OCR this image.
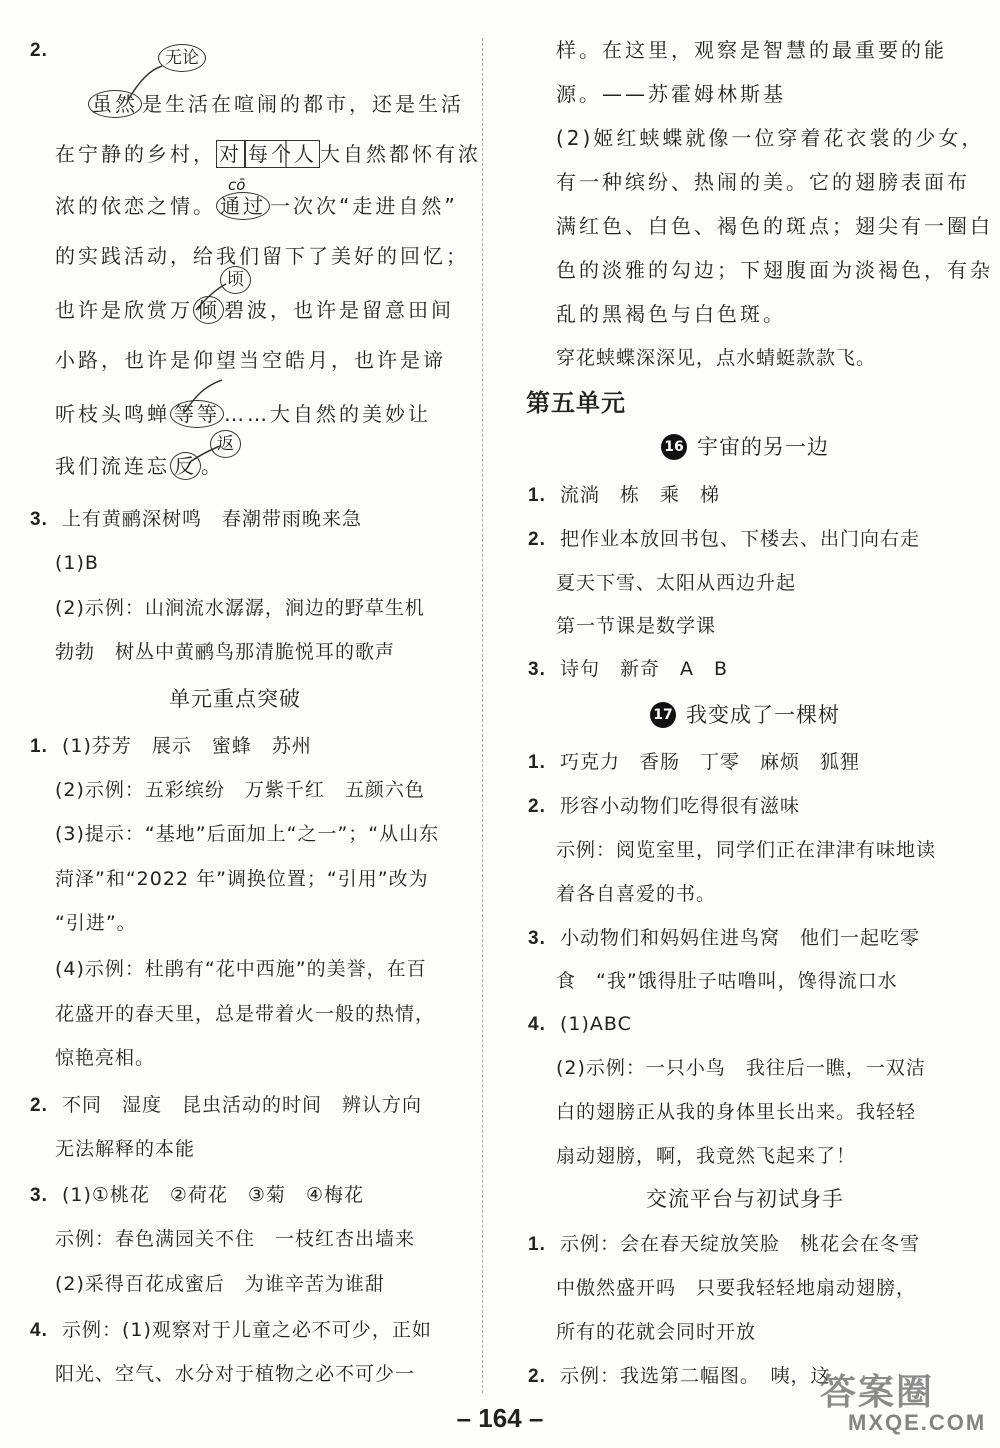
2.	无论
虽然 是生活在喧闹的都市，还是生活
在宁静的乡村， 对 每个人 大自然都怀有浓
浓的依恋之情。 通过 一次次“走进自然”
cō
的实践活动，给我们留下了美好的回忆；
顷
也许是欣赏万 倾 碧波，也许是留意田间
小路，也许是仰望当空皓月，也许是谛
听枝头鸣蝉 等等 ……大自然的美妙让
返
我们流连忘 反 。
3. 上有黄鹂深树鸣　春潮带雨晚来急
(1)B
(2)示例：山涧流水潺潺，涧边的野草生机
勃勃　树丛中黄鹂鸟那清脆悦耳的歌声
单元重点突破
1. (1)芬芳　展示　蜜蜂　苏州
(2)示例：五彩缤纷　万紫千红　五颜六色
(3)提示：“基地”后面加上“之一”；“从山东
菏泽”和“2022 年”调换位置；“引用”改为
“引进”。
(4)示例：杜鹃有“花中西施”的美誉，在百
花盛开的春天里，总是带着火一般的热情，
惊艳亮相。
2. 不同　湿度　昆虫活动的时间　辨认方向
无法解释的本能
3. (1)①桃花　②荷花　③菊　④梅花
示例：春色满园关不住　一枝红杏出墙来
(2)采得百花成蜜后　为谁辛苦为谁甜
4. 示例：(1)观察对于儿童之必不可少，正如
阳光、空气、水分对于植物之必不可少一
样。在这里，观察是智慧的最重要的能
源。——苏霍姆林斯基
(2)姬红蛱蝶就像一位穿着花衣裳的少女，
有一种缤纷、热闹的美。它的翅膀表面布
满红色、白色、褐色的斑点；翅尖有一圈白
色的淡雅的勾边；下翅腹面为淡褐色，有杂
乱的黑褐色与白色斑。
穿花蛱蝶深深见，点水蜻蜓款款飞。
第五单元
16 宇宙的另一边
1. 流淌　栋　乘　梯
2. 把作业本放回书包、下楼去、出门向右走
夏天下雪、太阳从西边升起
第一节课是数学课
3. 诗句　新奇　A　B
17 我变成了一棵树
1. 巧克力　香肠　丁零　麻烦　狐狸
2. 形容小动物们吃得很有滋味
示例：阅览室里，同学们正在津津有味地读
着各自喜爱的书。
3. 小动物们和妈妈住进鸟窝　他们一起吃零
食　“我”饿得肚子咕噜叫，馋得流口水
4. (1)ABC
(2)示例：一只小鸟　我往后一瞧，一双洁
白的翅膀正从我的身体里长出来。我轻轻
扇动翅膀，啊，我竟然飞起来了！
交流平台与初试身手
1. 示例：会在春天绽放笑脸　桃花会在冬雪
中傲然盛开吗　只要我轻轻地扇动翅膀，
所有的花就会同时开放
2. 示例：我选第二幅图。　咦，这
答案圈
MXQE.COM
– 164 –
